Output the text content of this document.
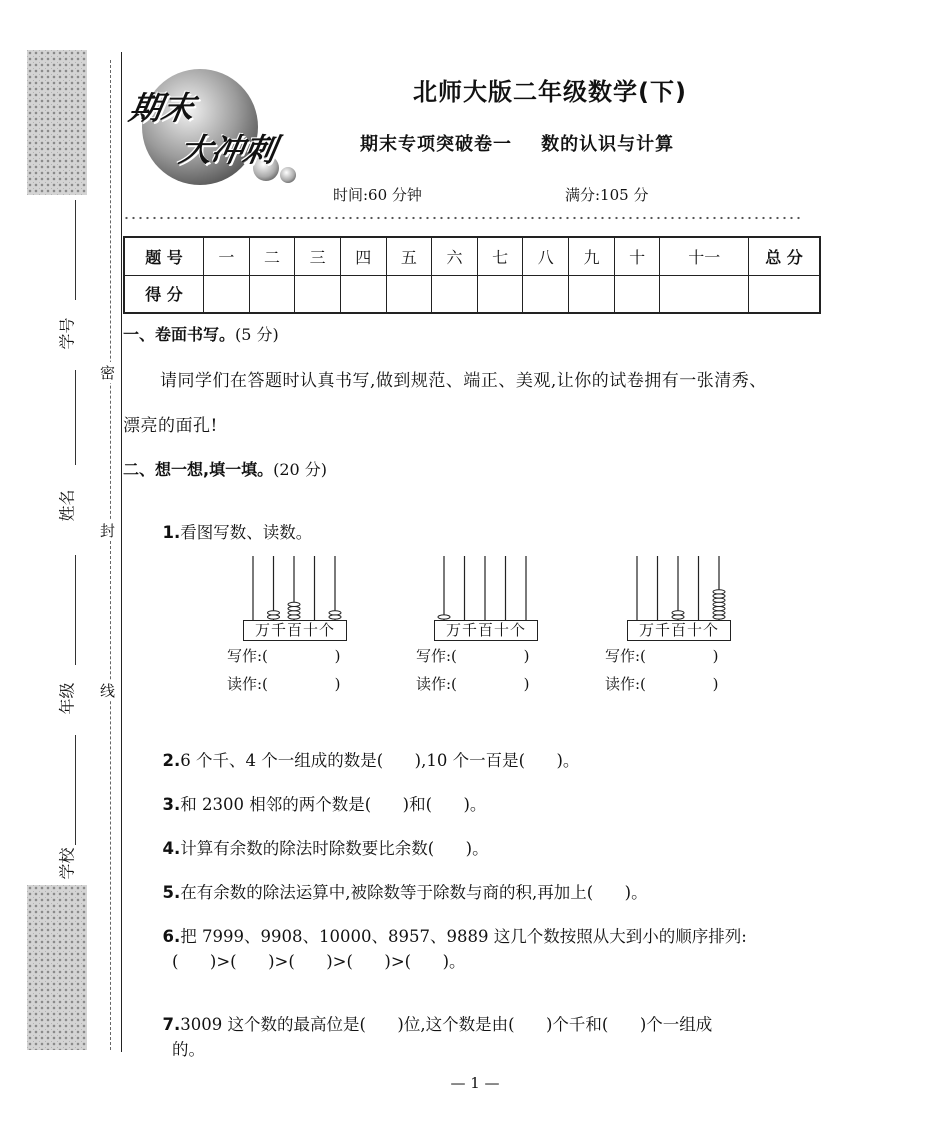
学号
姓名
年级
学校
密
封
线
期末
大冲刺
北师大版二年级数学(下)
期末专项突破卷一    数的认识与计算
时间:60 分钟	满分:105 分
题 号	一	二	三	四	五	六	七	八	九	十	十一	总 分
得 分												
一、卷面书写。(5 分)
请同学们在答题时认真书写,做到规范、端正、美观,让你的试卷拥有一张清秀、
漂亮的面孔!
二、想一想,填一填。(20 分)

1.看图写数、读数。

万千百十个
写作:(              )
读作:(              )
万千百十个
写作:(              )
读作:(              )
万千百十个
写作:(              )
读作:(              )

2.6 个千、4 个一组成的数是(      ),10 个一百是(      )。

3.和 2300 相邻的两个数是(      )和(      )。

4.计算有余数的除法时除数要比余数(      )。

5.在有余数的除法运算中,被除数等于除数与商的积,再加上(      )。

6.把 7999、9908、10000、8957、9889 这几个数按照从大到小的顺序排列:

(      )>(      )>(      )>(      )>(      )。

7.3009 这个数的最高位是(      )位,这个数是由(      )个千和(      )个一组成

的。
— 1 —
